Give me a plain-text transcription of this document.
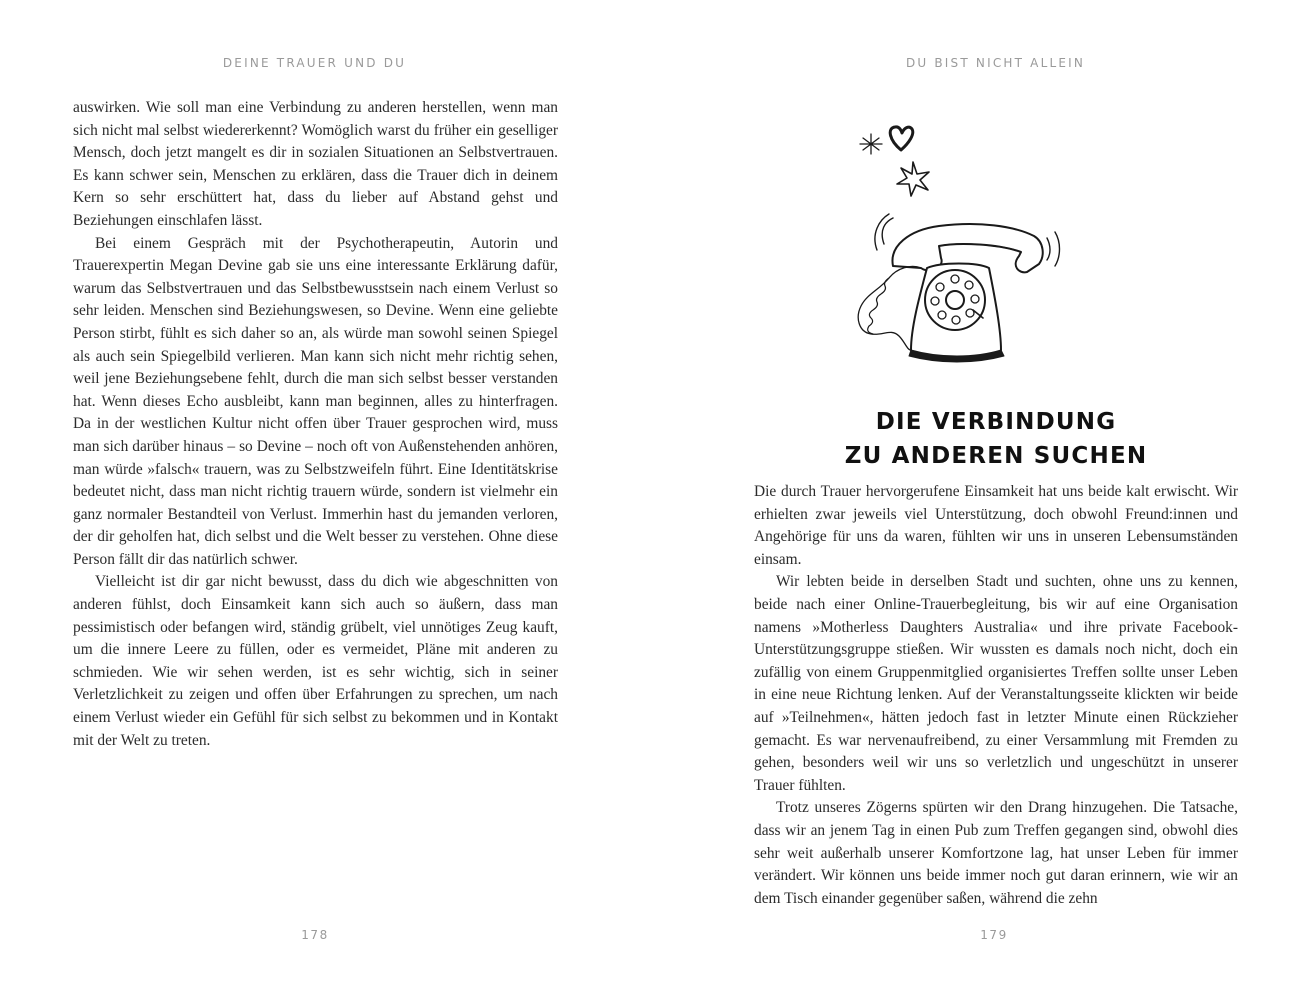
DEINE TRAUER UND DU

auswirken. Wie soll man eine Verbindung zu anderen herstellen, wenn man sich nicht mal selbst wiedererkennt? Womöglich warst du früher ein geselliger Mensch, doch jetzt mangelt es dir in sozialen Situationen an Selbstvertrauen. Es kann schwer sein, Menschen zu erklären, dass die Trauer dich in deinem Kern so sehr erschüttert hat, dass du lieber auf Abstand gehst und Beziehungen einschlafen lässt.

Bei einem Gespräch mit der Psychotherapeutin, Autorin und Trauerexpertin Megan Devine gab sie uns eine interessante Erklärung dafür, warum das Selbstvertrauen und das Selbstbewusstsein nach einem Verlust so sehr leiden. Menschen sind Beziehungswesen, so Devine. Wenn eine geliebte Person stirbt, fühlt es sich daher so an, als würde man sowohl seinen Spiegel als auch sein Spiegelbild verlieren. Man kann sich nicht mehr richtig sehen, weil jene Beziehungsebene fehlt, durch die man sich selbst besser verstanden hat. Wenn dieses Echo ausbleibt, kann man beginnen, alles zu hinterfragen. Da in der westlichen Kultur nicht offen über Trauer gesprochen wird, muss man sich darüber hinaus – so Devine – noch oft von Außenstehenden anhören, man würde »falsch« trauern, was zu Selbstzweifeln führt. Eine Identitätskrise bedeutet nicht, dass man nicht richtig trauern würde, sondern ist vielmehr ein ganz normaler Bestandteil von Verlust. Immerhin hast du jemanden verloren, der dir geholfen hat, dich selbst und die Welt besser zu verstehen. Ohne diese Person fällt dir das natürlich schwer.

Vielleicht ist dir gar nicht bewusst, dass du dich wie abgeschnitten von anderen fühlst, doch Einsamkeit kann sich auch so äußern, dass man pessimistisch oder befangen wird, ständig grübelt, viel unnötiges Zeug kauft, um die innere Leere zu füllen, oder es vermeidet, Pläne mit anderen zu schmieden. Wie wir sehen werden, ist es sehr wichtig, sich in seiner Verletzlichkeit zu zeigen und offen über Erfahrungen zu sprechen, um nach einem Verlust wieder ein Gefühl für sich selbst zu bekommen und in Kontakt mit der Welt zu treten.

178
DU BIST NICHT ALLEIN
DIE VERBINDUNG
ZU ANDEREN SUCHEN

Die durch Trauer hervorgerufene Einsamkeit hat uns beide kalt erwischt. Wir erhielten zwar jeweils viel Unterstützung, doch obwohl Freund:innen und Angehörige für uns da waren, fühlten wir uns in unseren Lebensumständen einsam.

Wir lebten beide in derselben Stadt und suchten, ohne uns zu kennen, beide nach einer Online-Trauerbegleitung, bis wir auf eine Organisation namens »Motherless Daughters Australia« und ihre private Facebook-Unterstützungsgruppe stießen. Wir wussten es damals noch nicht, doch ein zufällig von einem Gruppenmitglied organisiertes Treffen sollte unser Leben in eine neue Richtung lenken. Auf der Veranstaltungsseite klickten wir beide auf »Teilnehmen«, hätten jedoch fast in letzter Minute einen Rückzieher gemacht. Es war nervenaufreibend, zu einer Versammlung mit Fremden zu gehen, besonders weil wir uns so verletzlich und ungeschützt in unserer Trauer fühlten.

Trotz unseres Zögerns spürten wir den Drang hinzugehen. Die Tatsache, dass wir an jenem Tag in einen Pub zum Treffen gegangen sind, obwohl dies sehr weit außerhalb unserer Komfortzone lag, hat unser Leben für immer verändert. Wir können uns beide immer noch gut daran erinnern, wie wir an dem Tisch einander gegenüber saßen, während die zehn

179
